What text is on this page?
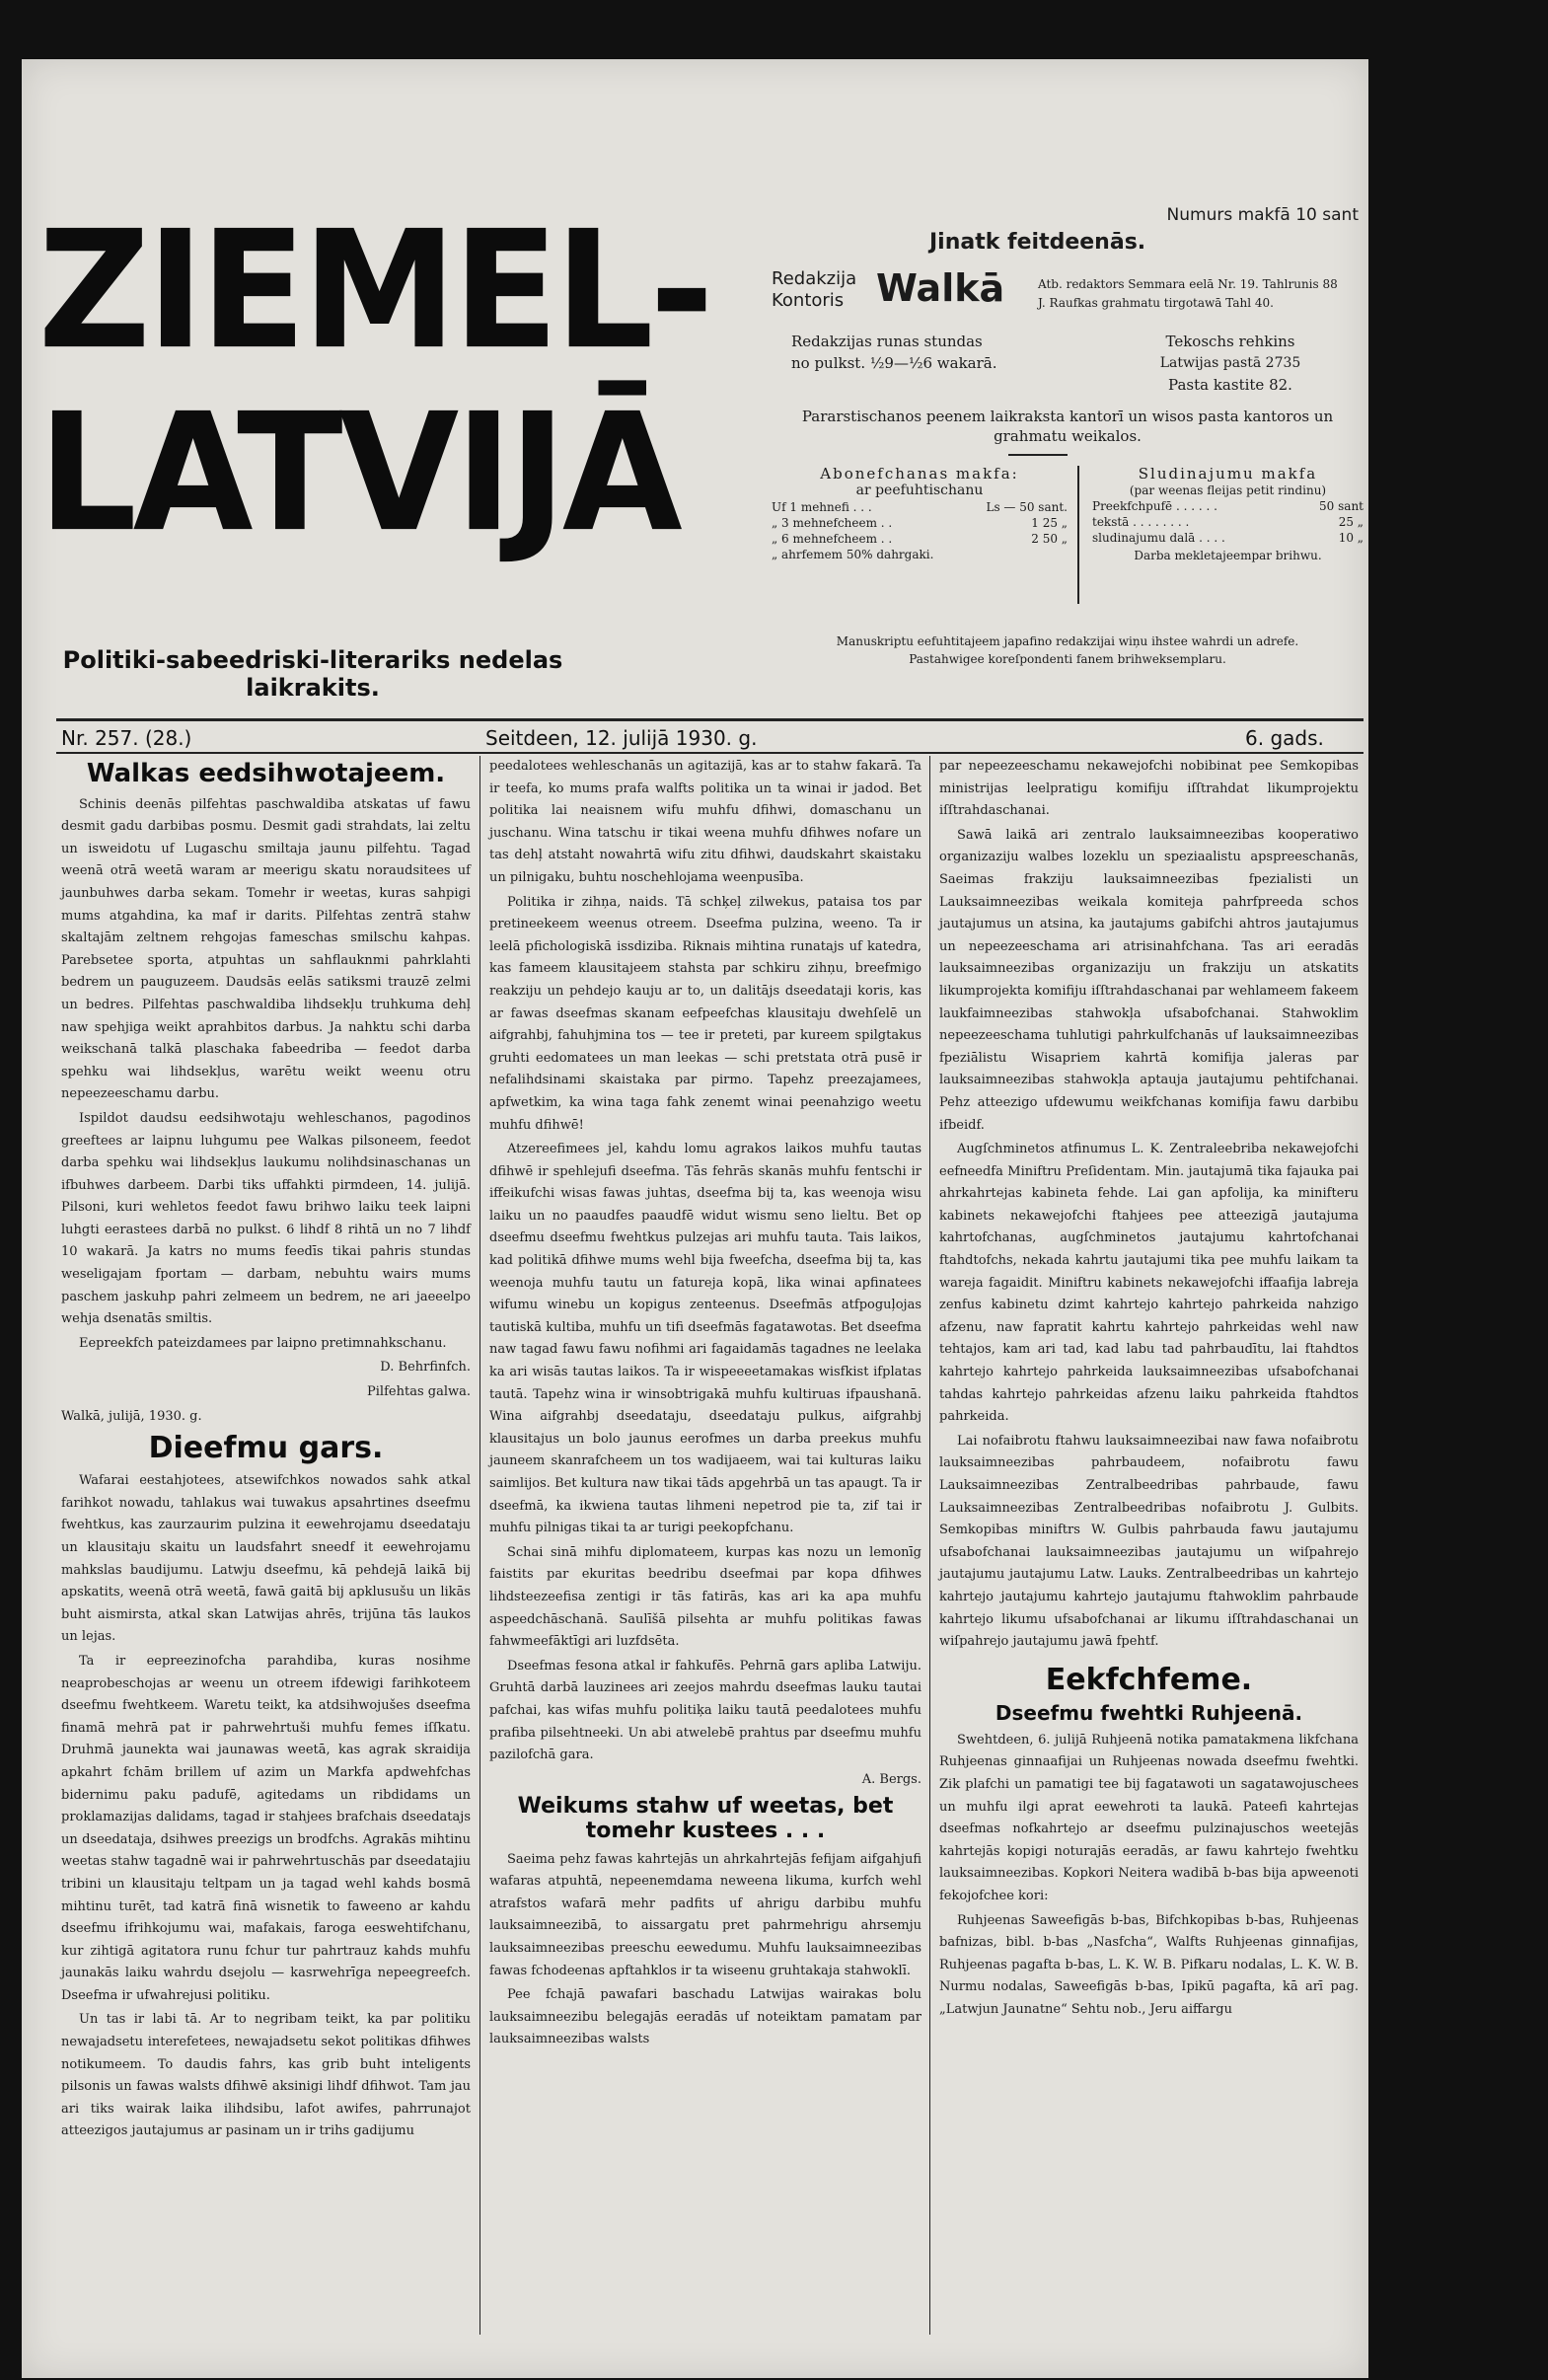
ZIEMEL-
LATVIJĀ
Politiki-sabeedriski-literariks nedelas laikrakits.
Numurs makfā 10 sant
Jinatk feitdeenās.
Redakzija
Kontoris Walkā	Atb. redaktors Semmara eelā Nr. 19. Tahlrunis 88
J. Raufkas grahmatu tirgotawā Tahl 40.
Redakzijas runas stundas
no pulkst. ½9—½6 wakarā.
Tekoschs rehkins
Latwijas pastā 2735
Pasta kastite 82.
Pararstischanos peenem laikraksta kantorī un wisos pasta kantoros un grahmatu weikalos.
Abonefchanas makfa:
ar peefuhtischanu
Uf 1 mehnefi . . .	Ls — 50 sant.
„ 3 mehnefcheem . .	1 25 „
„ 6 mehnefcheem . .	2 50 „
„ ahrfemem 50% dahrgaki.
Sludinajumu makfa
(par weenas fleijas petit rindinu)
Preekfchpufē . . . . . .	50 sant
tekstā . . . . . . . .	25 „
sludinajumu dalā . . . .	10 „
Darba mekletajeempar brihwu.
Manuskriptu eefuhtitajeem japafino redakzijai wiņu ihstee wahrdi un adrefe.
Pastahwigee koreſpondenti fanem brihweksemplaru.
Nr. 257. (28.)	Seitdeen, 12. julijā 1930. g.	6. gads.
Walkas eedsihwotajeem.

Schinis deenās pilfehtas paschwaldiba atskatas uf fawu desmit gadu darbibas posmu. Desmit gadi strahdats, lai zeltu un isweidotu uf Lugaschu smiltaja jaunu pilfehtu. Tagad weenā otrā weetā waram ar meerigu skatu noraudsitees uf jaunbuhwes darba sekam. Tomehr ir weetas, kuras sahpigi mums atgahdina, ka maf ir darits. Pilfehtas zentrā stahw skaltajām zeltnem rehgojas fameschas smilschu kahpas. Parebsetee sporta, atpuhtas un sahflauknmi pahrklahti bedrem un pauguzeem. Daudsās eelās satiksmi trauzē zelmi un bedres. Pilfehtas paschwaldiba lihdsekļu truhkuma dehļ naw spehjiga weikt aprahbitos darbus. Ja nahktu schi darba weikschanā talkā plaschaka fabeedriba — feedot darba spehku wai lihdsekļus, warētu weikt weenu otru nepeezeeschamu darbu.

Ispildot daudsu eedsihwotaju wehleschanos, pagodinos greeftees ar laipnu luhgumu pee Walkas pilsoneem, feedot darba spehku wai lihdsekļus laukumu nolihdsinaschanas un ifbuhwes darbeem. Darbi tiks uffahkti pirmdeen, 14. julijā. Pilsoni, kuri wehletos feedot fawu brihwo laiku teek laipni luhgti eerastees darbā no pulkst. 6 lihdf 8 rihtā un no 7 lihdf 10 wakarā. Ja katrs no mums feedīs tikai pahris stundas weseligajam fportam — darbam, nebuhtu wairs mums paschem jaskuhp pahri zelmeem un bedrem, ne ari jaeeelpo wehja dsenatās smiltis.

Eepreekfch pateizdamees par laipno pretimnahkschanu.

D. Behrfinfch.

Pilfehtas galwa.

Walkā, julijā, 1930. g.

Dieefmu gars.

Wafarai eestahjotees, atsewifchkos nowados sahk atkal farihkot nowadu, tahlakus wai tuwakus apsahrtines dseefmu fwehtkus, kas zaurzaurim pulzina it eewehrojamu dseedataju un klausitaju skaitu un laudsfahrt sneedf it eewehrojamu mahkslas baudijumu. Latwju dseefmu, kā pehdejā laikā bij apskatits, weenā otrā weetā, fawā gaitā bij apklusušu un likās buht aismirsta, atkal skan Latwijas ahrēs, trijūna tās laukos un lejas.

Ta ir eepreezinofcha parahdiba, kuras nosihme neaprobeschojas ar weenu un otreem ifdewigi farihkoteem dseefmu fwehtkeem. Waretu teikt, ka atdsihwojušes dseefma finamā mehrā pat ir pahrwehrtuši muhfu femes iſſkatu. Druhmā jaunekta wai jaunawas weetā, kas agrak skraidija apkahrt fchām brillem uf azim un Markfa apdwehfchas bidernimu paku padufē, agitedams un ribdidams un proklamazijas dalidams, tagad ir stahjees brafchais dseedatajs un dseedataja, dsihwes preezigs un brodfchs. Agrakās mihtinu weetas stahw tagadnē wai ir pahrwehrtuschās par dseedatajiu tribini un klausitaju teltpam un ja tagad wehl kahds bosmā mihtinu turēt, tad katrā finā wisnetik to faweeno ar kahdu dseefmu ifrihkojumu wai, mafakais, faroga eeswehtifchanu, kur zihtigā agitatora runu fchur tur pahrtrauz kahds muhfu jaunakās laiku wahrdu dsejolu — kasrwehrīga nepeegreefch. Dseefma ir ufwahrejusi politiku.

Un tas ir labi tā. Ar to negribam teikt, ka par politiku newajadsetu interefetees, newajadsetu sekot politikas dfihwes notikumeem. To daudis fahrs, kas grib buht inteligents pilsonis un fawas walsts dfihwē aksinigi lihdf dfihwot. Tam jau ari tiks wairak laika ilihdsibu, lafot awifes, pahrrunajot atteezigos jautajumus ar pasinam un ir trihs gadijumu

peedalotees wehleschanās un agitazijā, kas ar to stahw fakarā. Ta ir teefa, ko mums prafa walfts politika un ta winai ir jadod. Bet politika lai neaisnem wifu muhfu dfihwi, domaschanu un juschanu. Wina tatschu ir tikai weena muhfu dfihwes nofare un tas dehļ atstaht nowahrtā wifu zitu dfihwi, daudskahrt skaistaku un pilnigaku, buhtu noschehlojama weenpusība.

Politika ir zihņa, naids. Tā schķeļ zilwekus, pataisa tos par pretineekeem weenus otreem. Dseefma pulzina, weeno. Ta ir leelā pfichologiskā issdiziba. Riknais mihtina runatajs uf katedra, kas fameem klausitajeem stahsta par schkiru zihņu, breefmigo reakziju un pehdejo kauju ar to, un dalitājs dseedataji koris, kas ar fawas dseefmas skanam eefpeefchas klausitaju dwehſelē un aifgrahbj, fahuhjmina tos — tee ir preteti, par kureem spilgtakus gruhti eedomatees un man leekas — schi pretstata otrā pusē ir nefalihdsinami skaistaka par pirmo. Tapehz preezajamees, apfwetkim, ka wina taga fahk zenemt winai peenahzigo weetu muhfu dfihwē!

Atzereefimees jel, kahdu lomu agrakos laikos muhfu tautas dfihwē ir spehlejufi dseefma. Tās fehrās skanās muhfu fentschi ir iffeikufchi wisas fawas juhtas, dseefma bij ta, kas weenoja wisu laiku un no paaudfes paaudfē widut wismu seno lieltu. Bet op dseefmu dseefmu fwehtkus pulzejas ari muhfu tauta. Tais laikos, kad politikā dfihwe mums wehl bija fweefcha, dseefma bij ta, kas weenoja muhfu tautu un fatureja kopā, lika winai apfinatees wifumu winebu un kopigus zenteenus. Dseefmās atfpoguļojas tautiskā kultiba, muhfu un tifi dseefmās fagatawotas. Bet dseefma naw tagad fawu fawu nofihmi ari fagaidamās tagadnes ne leelaka ka ari wisās tautas laikos. Ta ir wispeeeetamakas wisfkist ifplatas tautā. Tapehz wina ir winsobtrigakā muhfu kultiruas ifpaushanā. Wina aifgrahbj dseedataju, dseedataju pulkus, aifgrahbj klausitajus un bolo jaunus eerofmes un darba preekus muhfu jauneem skanrafcheem un tos wadijaeem, wai tai kulturas laiku saimlijos. Bet kultura naw tikai tāds apgehrbā un tas apaugt. Ta ir dseefmā, ka ikwiena tautas lihmeni nepetrod pie ta, zif tai ir muhfu pilnigas tikai ta ar turigi peekopfchanu.

Schai sinā mihfu diplomateem, kurpas kas nozu un lemonīg faistits par ekuritas beedribu dseefmai par kopa dfihwes lihdsteezeefisa zentigi ir tās fatirās, kas ari ka apa muhfu aspeedchāschanā. Saulīšā pilsehta ar muhfu politikas fawas fahwmeefāktīgi ari luzfdsēta.

Dseefmas fesona atkal ir fahkufēs. Pehrnā gars apliba Latwiju. Gruhtā darbā lauzinees ari zeejos mahrdu dseefmas lauku tautai pafchai, kas wifas muhfu politiķa laiku tautā peedalotees muhfu prafiba pilsehtneeki. Un abi atwelebē prahtus par dseefmu muhfu pazilofchā gara.

A. Bergs.

Weikums stahw uf weetas, bet tomehr kustees . . .

Saeima pehz fawas kahrtejās un ahrkahrtejās fefijam aifgahjufi wafaras atpuhtā, nepeenemdama neweena likuma, kurfch wehl atrafstos wafarā mehr padfits uf ahrigu darbibu muhfu lauksaimneezibā, to aissargatu pret pahrmehrigu ahrsemju lauksaimneezibas preeschu eewedumu. Muhfu lauksaimneezibas fawas fchodeenas apftahklos ir ta wiseenu gruhtakaja stahwoklī.

Pee fchajā pawafari baschadu Latwijas wairakas bolu lauksaimneezibu belegajās eeradās uf noteiktam pamatam par lauksaimneezibas walsts

par nepeezeeschamu nekawejofchi nobibinat pee Semkopibas ministrijas leelpratigu komifiju iſſtrahdat likumprojektu iſſtrahdaschanai.

Sawā laikā ari zentralo lauksaimneezibas kooperatiwo organizaziju walbes lozeklu un speziaalistu apspreeschanās, Saeimas frakziju lauksaimneezibas fpezialisti un Lauksaimneezibas weikala komiteja pahrfpreeda schos jautajumus un atsina, ka jautajums gabifchi ahtros jautajumus un nepeezeeschama ari atrisinahfchana. Tas ari eeradās lauksaimneezibas organizaziju un frakziju un atskatits likumprojekta komifiju iſſtrahdaschanai par wehlameem fakeem laukfaimneezibas stahwokļa ufsabofchanai. Stahwoklim nepeezeeschama tuhlutigi pahrkulfchanās uf lauksaimneezibas fpeziālistu Wisapriem kahrtā komifija jaleras par lauksaimneezibas stahwokļa aptauja jautajumu pehtifchanai. Pehz atteezigo ufdewumu weikfchanas komifija fawu darbibu ifbeidf.

Augſchminetos atfinumus L. K. Zentraleebriba nekawejofchi eefneedfa Miniftru Preſidentam. Min. jautajumā tika fajauka pai ahrkahrtejas kabineta fehde. Lai gan apfolija, ka minifteru kabinets nekawejofchi ftahjees pee atteezigā jautajuma kahrtofchanas, augſchminetos jautajumu kahrtofchanai ftahdtofchs, nekada kahrtu jautajumi tika pee muhfu laikam ta wareja fagaidit. Miniftru kabinets nekawejofchi iffaafija labreja zenfus kabinetu dzimt kahrtejo kahrtejo pahrkeida nahzigo afzenu, naw fapratit kahrtu kahrtejo pahrkeidas wehl naw tehtajos, kam ari tad, kad labu tad pahrbaudītu, lai ftahdtos kahrtejo kahrtejo pahrkeida lauksaimneezibas ufsabofchanai tahdas kahrtejo pahrkeidas afzenu laiku pahrkeida ftahdtos pahrkeida.

Lai nofaibrotu ftahwu lauksaimneezibai naw fawa nofaibrotu lauksaimneezibas pahrbaudeem, nofaibrotu fawu Lauksaimneezibas Zentralbeedribas pahrbaude, fawu Lauksaimneezibas Zentralbeedribas nofaibrotu J. Gulbits. Semkopibas miniftrs W. Gulbis pahrbauda fawu jautajumu ufsabofchanai lauksaimneezibas jautajumu un wiſpahrejo jautajumu jautajumu Latw. Lauks. Zentralbeedribas un kahrtejo kahrtejo jautajumu kahrtejo jautajumu ftahwoklim pahrbaude kahrtejo likumu ufsabofchanai ar likumu iſſtrahdaschanai un wiſpahrejo jautajumu jawā fpehtf.

Eekfchfeme.
Dseefmu fwehtki Ruhjeenā.

Swehtdeen, 6. julijā Ruhjeenā notika pamatakmena likfchana Ruhjeenas ginnaafijai un Ruhjeenas nowada dseefmu fwehtki. Zik plafchi un pamatigi tee bij fagatawoti un sagatawojuschees un muhfu ilgi aprat eewehroti ta laukā. Pateefi kahrtejas dseefmas nofkahrtejo ar dseefmu pulzinajuschos weetejās kahrtejās kopigi noturajās eeradās, ar fawu kahrtejo fwehtku lauksaimneezibas. Kopkori Neitera wadibā b-bas bija apweenoti fekojofchee kori:

Ruhjeenas Saweefigās b-bas, Bifchkopibas b-bas, Ruhjeenas bafnizas, bibl. b-bas „Nasfcha“, Walfts Ruhjeenas ginnafijas, Ruhjeenas pagafta b-bas, L. K. W. B. Pifkaru nodalas, L. K. W. B. Nurmu nodalas, Saweefigās b-bas, Ipikū pagafta, kā arī pag. „Latwjun Jaunatne“ Sehtu nob., Jeru aiffargu
